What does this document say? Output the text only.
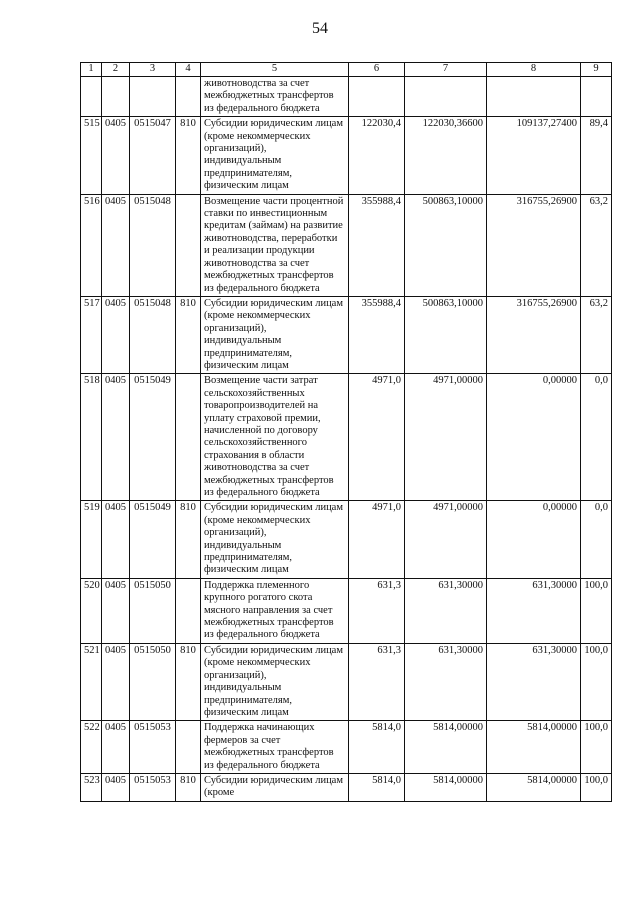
54
1	2	3	4	5	6	7	8	9
				животноводства за счет межбюджетных трансфертов из федерального бюджета				
515	0405	0515047	810	Субсидии юридическим лицам (кроме некоммерческих организаций), индивидуальным предпринимателям, физическим лицам	122030,4	122030,36600	109137,27400	89,4
516	0405	0515048		Возмещение части процентной ставки по инвестиционным кредитам (займам) на развитие животноводства, переработки и реализации продукции животноводства за счет межбюджетных трансфертов из федерального бюджета	355988,4	500863,10000	316755,26900	63,2
517	0405	0515048	810	Субсидии юридическим лицам (кроме некоммерческих организаций), индивидуальным предпринимателям, физическим лицам	355988,4	500863,10000	316755,26900	63,2
518	0405	0515049		Возмещение части затрат сельскохозяйственных товаропроизводителей на уплату страховой премии, начисленной по договору сельскохозяйственного страхования в области животноводства за счет межбюджетных трансфертов из федерального бюджета	4971,0	4971,00000	0,00000	0,0
519	0405	0515049	810	Субсидии юридическим лицам (кроме некоммерческих организаций), индивидуальным предпринимателям, физическим лицам	4971,0	4971,00000	0,00000	0,0
520	0405	0515050		Поддержка племенного крупного рогатого скота мясного направления за счет межбюджетных трансфертов из федерального бюджета	631,3	631,30000	631,30000	100,0
521	0405	0515050	810	Субсидии юридическим лицам (кроме некоммерческих организаций), индивидуальным предпринимателям, физическим лицам	631,3	631,30000	631,30000	100,0
522	0405	0515053		Поддержка начинающих фермеров за счет межбюджетных трансфертов из федерального бюджета	5814,0	5814,00000	5814,00000	100,0
523	0405	0515053	810	Субсидии юридическим лицам (кроме	5814,0	5814,00000	5814,00000	100,0
